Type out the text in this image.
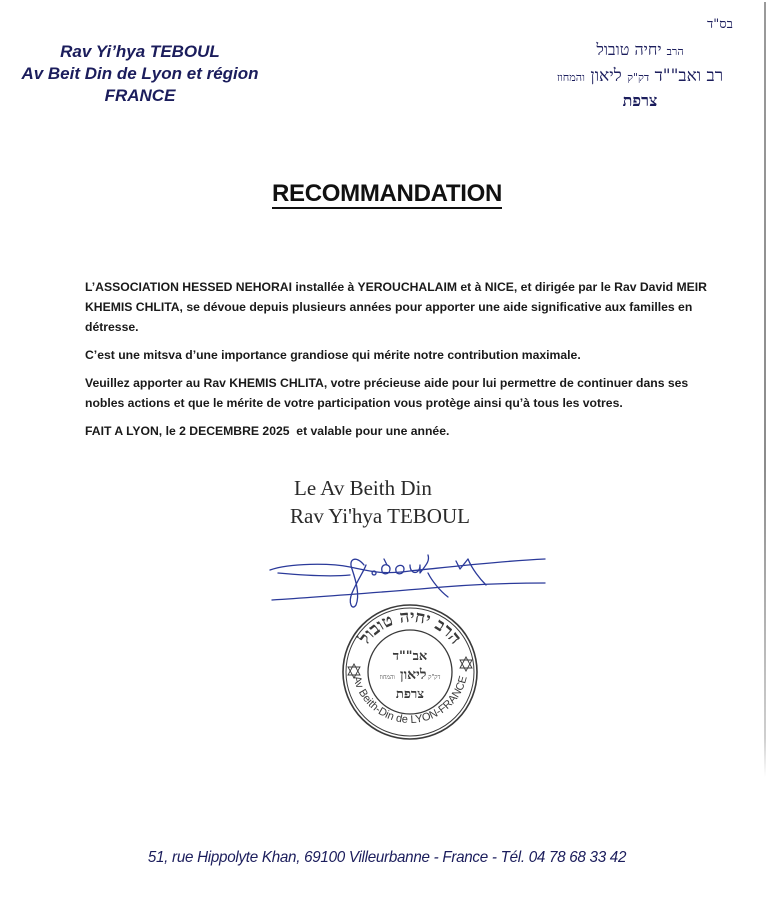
Rav Yi’hya TEBOUL
Av Beit Din de Lyon et région
FRANCE
בס"ד
הרב יחיה טובול
רב ואב""ד דק"ק ליאון והמחוז
צרפת
RECOMMANDATION

L’ASSOCIATION HESSED NEHORAI installée à YEROUCHALAIM et à NICE, et dirigée par le Rav David MEIR KHEMIS CHLITA, se dévoue depuis plusieurs années pour apporter une aide significative aux familles en détresse.

C’est une mitsva d’une importance grandiose qui mérite notre contribution maximale.

Veuillez apporter au Rav KHEMIS CHLITA, votre précieuse aide pour lui permettre de continuer dans ses nobles actions et que le mérite de votre participation vous protège ainsi qu’à tous les votres.

FAIT A LYON, le 2 DECEMBRE 2025  et valable pour une année.

Le Av Beith Din
Rav Yi'hya TEBOUL
הרב יחיה טובול
Av Beith-Din de LYON-FRANCE
אב""ד
דק"ק ליאון והמחוז
צרפת
51, rue Hippolyte Khan, 69100 Villeurbanne - France - Tél. 04 78 68 33 42
